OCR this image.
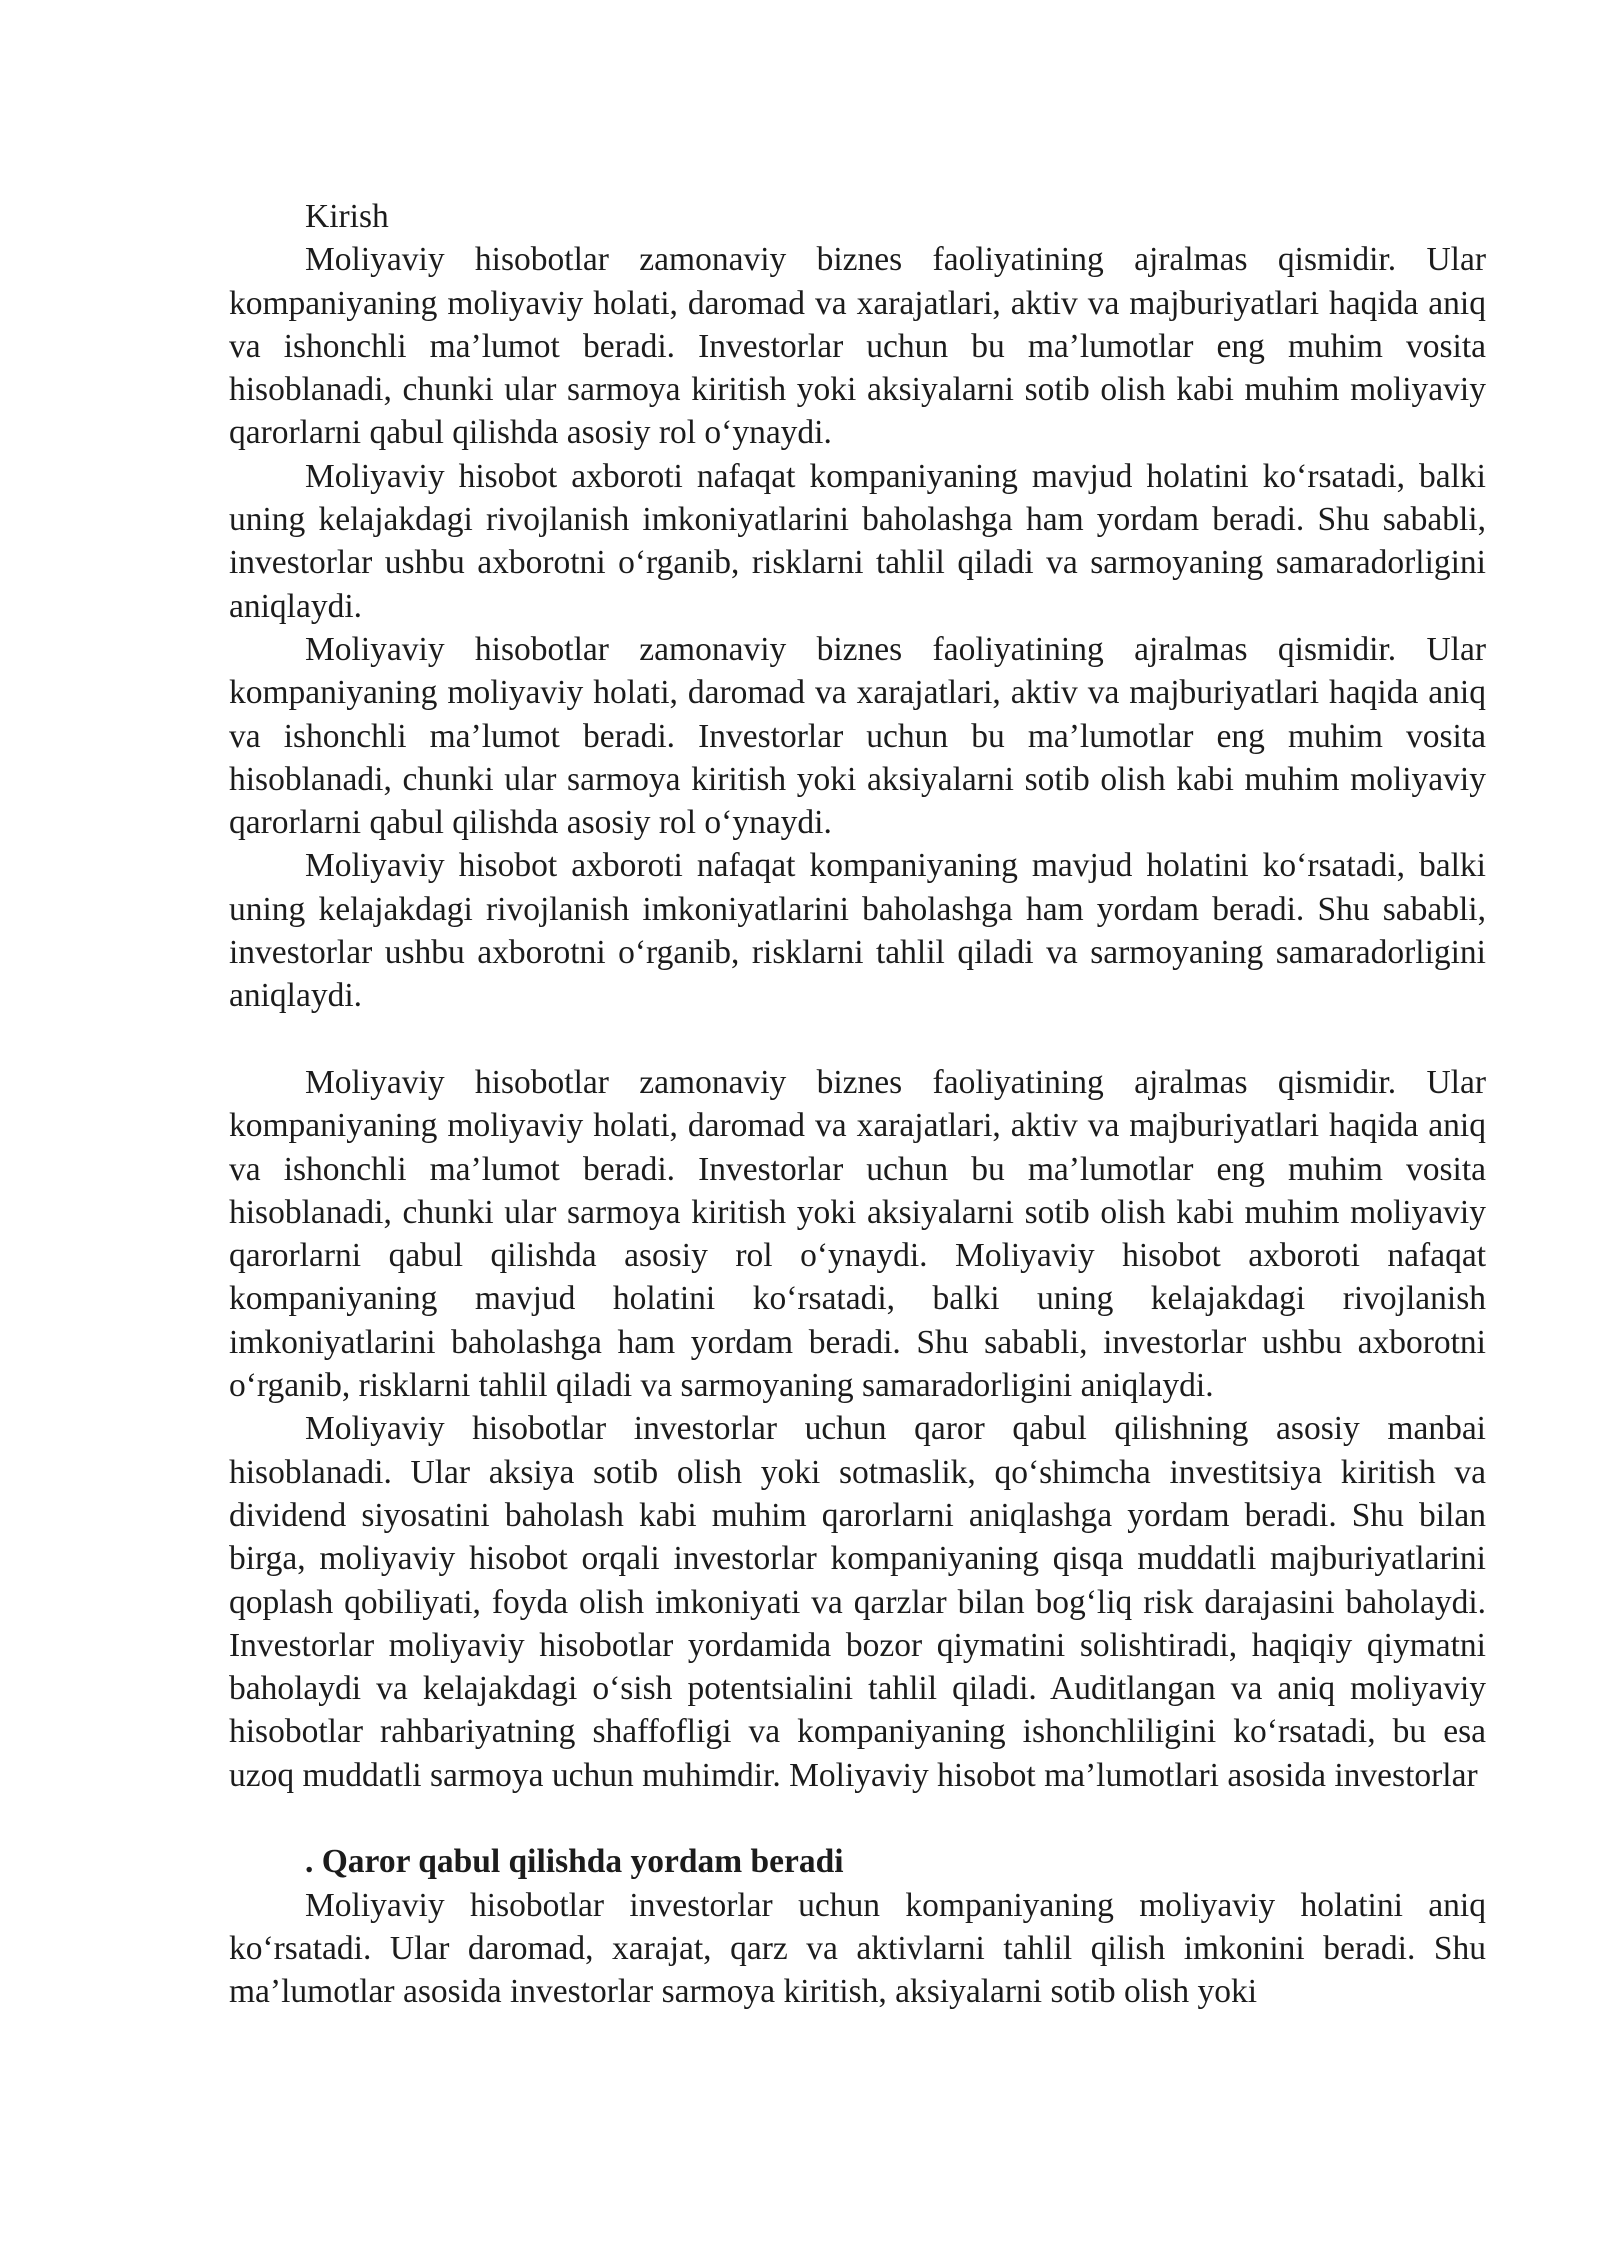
Kirish

Moliyaviy hisobotlar zamonaviy biznes faoliyatining ajralmas qismidir. Ular kompaniyaning moliyaviy holati, daromad va xarajatlari, aktiv va majburiyatlari haqida aniq va ishonchli ma’lumot beradi. Investorlar uchun bu ma’lumotlar eng muhim vosita hisoblanadi, chunki ular sarmoya kiritish yoki aksiyalarni sotib olish kabi muhim moliyaviy qarorlarni qabul qilishda asosiy rol o‘ynaydi.

Moliyaviy hisobot axboroti nafaqat kompaniyaning mavjud holatini ko‘rsatadi, balki uning kelajakdagi rivojlanish imkoniyatlarini baholashga ham yordam beradi. Shu sababli, investorlar ushbu axborotni o‘rganib, risklarni tahlil qiladi va sarmoyaning samaradorligini aniqlaydi.

Moliyaviy hisobotlar zamonaviy biznes faoliyatining ajralmas qismidir. Ular kompaniyaning moliyaviy holati, daromad va xarajatlari, aktiv va majburiyatlari haqida aniq va ishonchli ma’lumot beradi. Investorlar uchun bu ma’lumotlar eng muhim vosita hisoblanadi, chunki ular sarmoya kiritish yoki aksiyalarni sotib olish kabi muhim moliyaviy qarorlarni qabul qilishda asosiy rol o‘ynaydi.

Moliyaviy hisobot axboroti nafaqat kompaniyaning mavjud holatini ko‘rsatadi, balki uning kelajakdagi rivojlanish imkoniyatlarini baholashga ham yordam beradi. Shu sababli, investorlar ushbu axborotni o‘rganib, risklarni tahlil qiladi va sarmoyaning samaradorligini aniqlaydi.

Moliyaviy hisobotlar zamonaviy biznes faoliyatining ajralmas qismidir. Ular kompaniyaning moliyaviy holati, daromad va xarajatlari, aktiv va majburiyatlari haqida aniq va ishonchli ma’lumot beradi. Investorlar uchun bu ma’lumotlar eng muhim vosita hisoblanadi, chunki ular sarmoya kiritish yoki aksiyalarni sotib olish kabi muhim moliyaviy qarorlarni qabul qilishda asosiy rol o‘ynaydi. Moliyaviy hisobot axboroti nafaqat kompaniyaning mavjud holatini ko‘rsatadi, balki uning kelajakdagi rivojlanish imkoniyatlarini baholashga ham yordam beradi. Shu sababli, investorlar ushbu axborotni o‘rganib, risklarni tahlil qiladi va sarmoyaning samaradorligini aniqlaydi.

Moliyaviy hisobotlar investorlar uchun qaror qabul qilishning asosiy manbai hisoblanadi. Ular aksiya sotib olish yoki sotmaslik, qo‘shimcha investitsiya kiritish va dividend siyosatini baholash kabi muhim qarorlarni aniqlashga yordam beradi. Shu bilan birga, moliyaviy hisobot orqali investorlar kompaniyaning qisqa muddatli majburiyatlarini qoplash qobiliyati, foyda olish imkoniyati va qarzlar bilan bog‘liq risk darajasini baholaydi. Investorlar moliyaviy hisobotlar yordamida bozor qiymatini solishtiradi, haqiqiy qiymatni baholaydi va kelajakdagi o‘sish potentsialini tahlil qiladi. Auditlangan va aniq moliyaviy hisobotlar rahbariyatning shaffofligi va kompaniyaning ishonchliligini ko‘rsatadi, bu esa uzoq muddatli sarmoya uchun muhimdir. Moliyaviy hisobot ma’lumotlari asosida investorlar

. Qaror qabul qilishda yordam beradi

Moliyaviy hisobotlar investorlar uchun kompaniyaning moliyaviy holatini aniq ko‘rsatadi. Ular daromad, xarajat, qarz va aktivlarni tahlil qilish imkonini beradi. Shu ma’lumotlar asosida investorlar sarmoya kiritish, aksiyalarni sotib olish yoki
